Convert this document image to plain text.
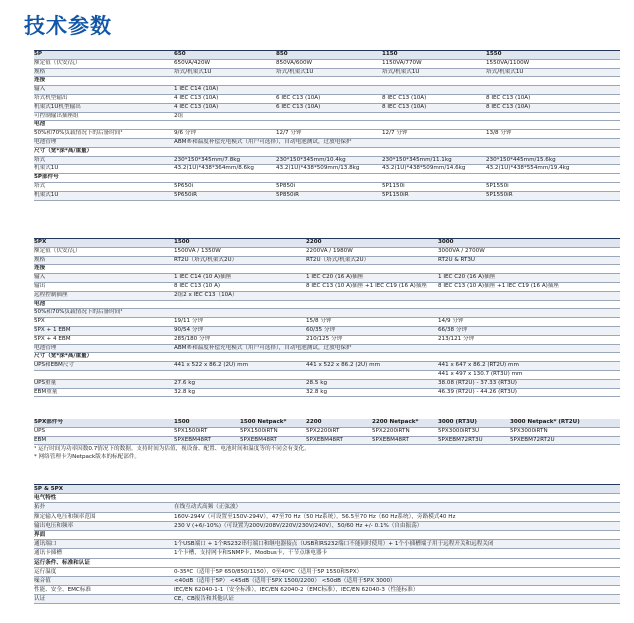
技术参数
5P	650	850	1150	1550
额定值（伏安/瓦）	650VA/420W	850VA/600W	1150VA/770W	1550VA/1100W
规格	塔式/机架式1U	塔式/机架式1U	塔式/机架式1U	塔式/机架式1U
连接
输入	1 IEC C14 (10A)
塔式机型输出	4 IEC C13 (10A)	6 IEC C13 (10A)	8 IEC C13 (10A)	8 IEC C13 (10A)
机架式1U机型输出	4 IEC C13 (10A)	6 IEC C13 (10A)	8 IEC C13 (10A)	8 IEC C13 (10A)
可控制输出插座组	2组
电池
50%和70%负载情况下的后备时间¹	9/6 分钟	12/7 分钟	12/7 分钟	13/8 分钟
电池管理	ABM®和温度补偿充电模式（用户可选择），自动电池测试，过放电保护
尺寸（宽*深*高/重量）
塔式	230*150*345mm/7.8kg	230*150*345mm/10.4kg	230*150*345mm/11.1kg	230*150*445mm/15.6kg
机架式1U	43.2(1U)*438*364mm/8.6kg	43.2(1U)*438*509mm/13.8kg	43.2(1U)*438*509mm/14.6kg	43.2(1U)*438*554mm/19.4kg
5P部件号
塔式	5P650i	5P850i	5P1150i	5P1550i
机架式1U	5P650iR	5P850iR	5P1150iR	5P1550iR
5PX	1500	2200	3000
额定值（伏安/瓦）	1500VA / 1350W	2200VA / 1980W	3000VA / 2700W
规格	RT2U（塔式/机架式2U）	RT2U（塔式/机架式2U）	RT2U & RT3U
连接
输入	1 IEC C14 (10 A)插座	1 IEC C20 (16 A)插座	1 IEC C20 (16 A)插座
输出	8 IEC C13 (10 A)	8 IEC C13 (10 A)插座 +1 IEC C19 (16 A)插座	8 IEC C13 (10 A)插座 +1 IEC C19 (16 A)插座
远程控制插座	2组2 x IEC C13（10A）
电池
50%和70%负载情况下的后备时间¹
5PX	19/11 分钟	15/8 分钟	14/9 分钟
5PX + 1 EBM	90/54 分钟	60/35 分钟	66/38 分钟
5PX + 4 EBM	285/180 分钟	210/125 分钟	213/121 分钟
电池管理	ABM®和温度补偿充电模式（用户可选择），自动电池测试，过放电保护
尺寸（宽*深*高/重量）
UPS和EBM尺寸	441 x 522 x 86.2 (2U) mm	441 x 522 x 86.2 (2U) mm	441 x 647 x 86.2 (RT2U) mm
441 x 497 x 130.7 (RT3U) mm
UPS重量	27.6 kg	28.5 kg	38.08 (RT2U) - 37.33 (RT3U)
EBM重量	32.8 kg	32.8 kg	46.39 (RT2U) - 44.26 (RT3U)
5PX部件号	1500	1500 Netpack*	2200	2200 Netpack*	3000 (RT3U)	3000 Netpack* (RT2U)
UPS	5PX1500iRT	5PX1500iRTN	5PX2200iRT	5PX2200iRTN	5PX3000iRT3U	5PX3000iRTN
EBM	5PXEBM48RT	5PXEBM48RT	5PXEBM48RT	5PXEBM48RT	5PXEBM72RT3U	5PXEBM72RT2U
¹ 运行时间为功率因数0.7情况下的数据。支持时间为估值，视设备、配置、电池时间和温度等的不同会有变化。
* 网络管理卡为Netpack版本的标配部件。
5P & 5PX
电气特性
拓扑	在线互动式高频（正弦波）
额定输入电压和频率范围	160V-294V（可设置至150V-294V），47至70 Hz（50 Hz系统），56.5至70 Hz（60 Hz系统），旁路模式40 Hz
输出电压和频率	230 V (+6/-10%)（可设置为200V/208V/220V/230V/240V），50/60 Hz +/- 0.1%（自由振荡）
界面
通讯端口	1个USB端口 + 1个RS232串行端口和继电器接点（USB和RS232端口不能同时使用）+ 1个小插槽端子用于远程开关和远程关闭
通讯卡插槽	1个卡槽，支持网卡和SNMP卡，Modbus卡，干节点继电器卡
运行条件、标准和认证
运行温度	0-35ºC（适用于5P 650/850/1150），0至40ºC（适用于5P 1550和5PX）
噪音值	<40dB（适用于5P） <45dB（适用于5PX 1500/2200） <50dB（适用于5PX 3000）
性能、安全、EMC标准	IEC/EN 62040-1-1（安全标准），IEC/EN 62040-2（EMC标准），IEC/EN 62040-3（性能标准）
认证	CE，CB报告和其他认证
